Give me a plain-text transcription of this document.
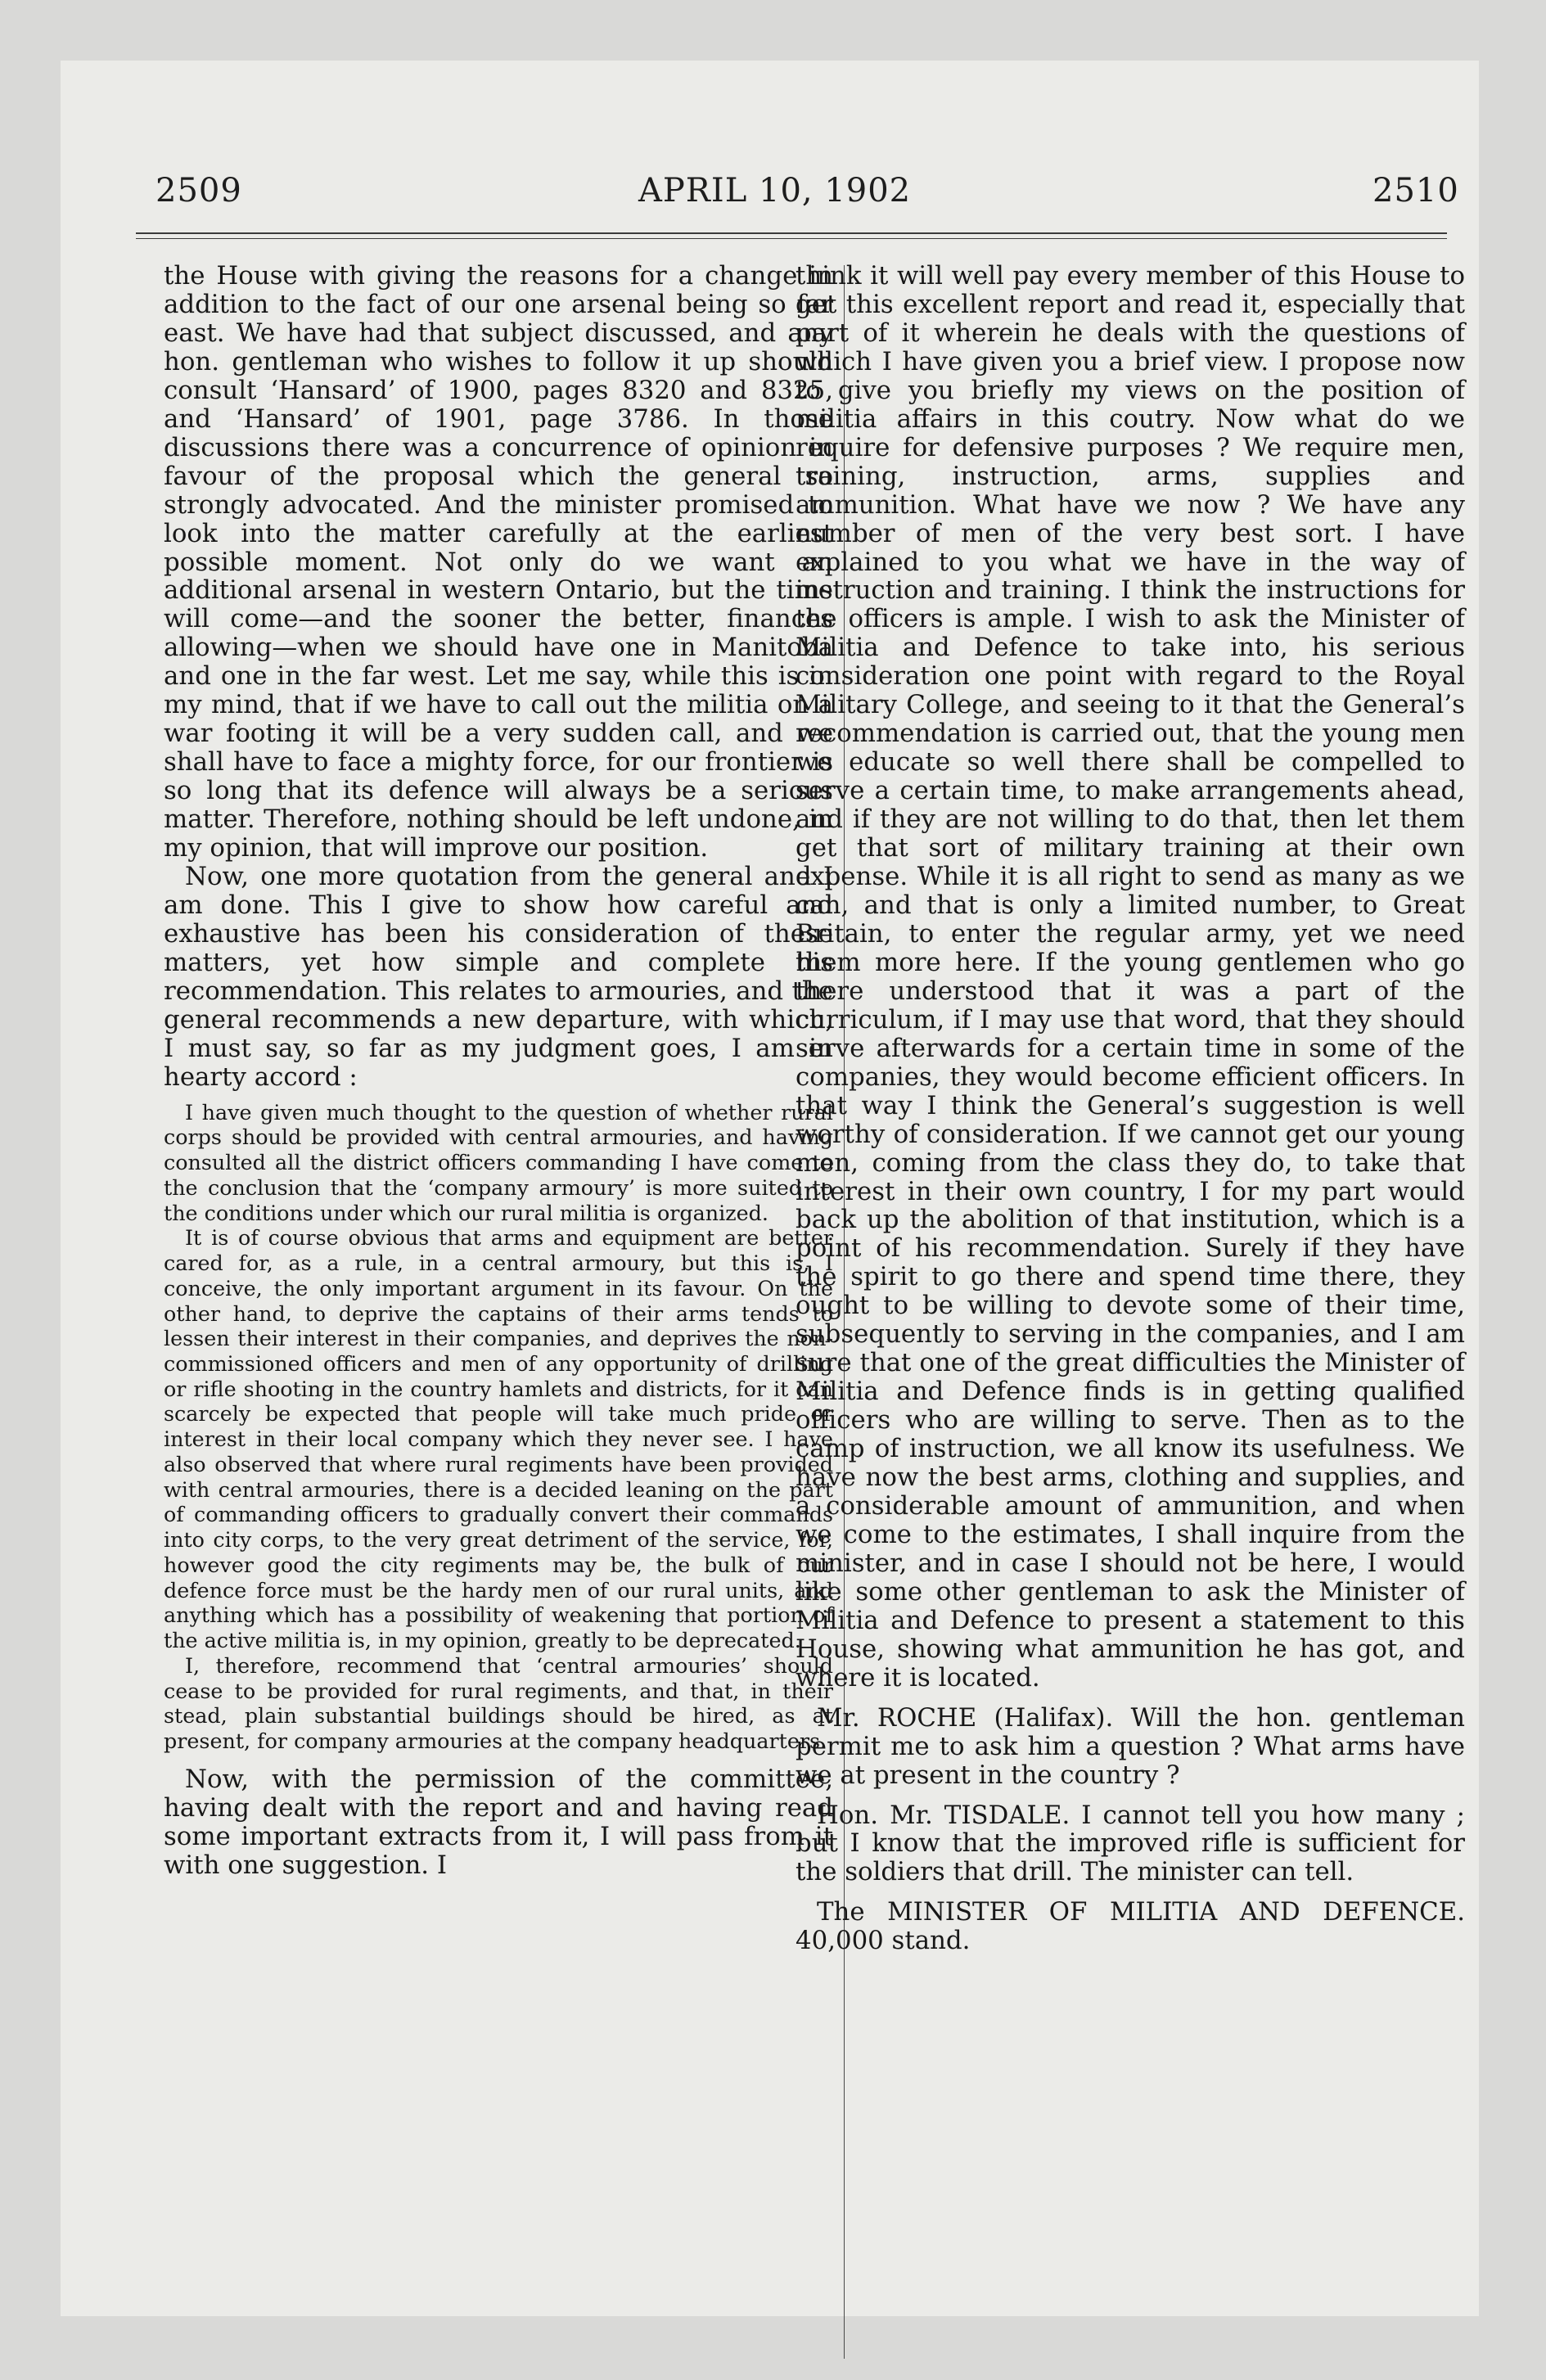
2509	APRIL 10, 1902	2510

the House with giving the reasons for a change in addition to the fact of our one arsenal being so far east. We have had that subject discussed, and any hon. gentleman who wishes to follow it up should consult ‘Hansard’ of 1900, pages 8320 and 8325, and ‘Hansard’ of 1901, page 3786. In those discussions there was a concurrence of opinion in favour of the proposal which the general so strongly advocated. And the minister promised to look into the matter carefully at the earliest possible moment. Not only do we want an additional arsenal in western Ontario, but the time will come—and the sooner the better, finances allowing—when we should have one in Manitoba and one in the far west. Let me say, while this is in my mind, that if we have to call out the militia on a war footing it will be a very sudden call, and we shall have to face a mighty force, for our frontier is so long that its defence will always be a serious matter. Therefore, nothing should be left undone, in my opinion, that will improve our position.

Now, one more quotation from the general and I am done. This I give to show how careful and exhaustive has been his consideration of these matters, yet how simple and complete his recommendation. This relates to armouries, and the general recommends a new departure, with which, I must say, so far as my judgment goes, I am in hearty accord :

I have given much thought to the question of whether rural corps should be provided with central armouries, and having consulted all the district officers commanding I have come to the conclusion that the ‘company armoury’ is more suited to the conditions under which our rural militia is organized.

It is of course obvious that arms and equipment are better cared for, as a rule, in a central armoury, but this is, I conceive, the only important argument in its favour. On the other hand, to deprive the captains of their arms tends to lessen their interest in their companies, and deprives the non-commissioned officers and men of any opportunity of drilling or rifle shooting in the country hamlets and districts, for it can scarcely be expected that people will take much pride or interest in their local company which they never see. I have also observed that where rural regiments have been provided with central armouries, there is a decided leaning on the part of commanding officers to gradually convert their commands into city corps, to the very great detriment of the service, for, however good the city regiments may be, the bulk of our defence force must be the hardy men of our rural units, and anything which has a possibility of weakening that portion of the active militia is, in my opinion, greatly to be deprecated.

I, therefore, recommend that ‘central armouries’ should cease to be provided for rural regiments, and that, in their stead, plain substantial buildings should be hired, as at present, for company armouries at the company headquarters.

Now, with the permission of the committee, having dealt with the report and and having read some important extracts from it, I will pass from it with one suggestion. I

think it will well pay every member of this House to get this excellent report and read it, especially that part of it wherein he deals with the questions of which I have given you a brief view. I propose now to give you briefly my views on the position of militia affairs in this coutry. Now what do we require for defensive purposes ? We require men, training, instruction, arms, supplies and ammunition. What have we now ? We have any number of men of the very best sort. I have explained to you what we have in the way of instruction and training. I think the instructions for the officers is ample. I wish to ask the Minister of Militia and Defence to take into, his serious consideration one point with regard to the Royal Military College, and seeing to it that the General’s recommendation is carried out, that the young men we educate so well there shall be compelled to serve a certain time, to make arrangements ahead, and if they are not willing to do that, then let them get that sort of military training at their own expense. While it is all right to send as many as we can, and that is only a limited number, to Great Britain, to enter the regular army, yet we need them more here. If the young gentlemen who go there understood that it was a part of the curriculum, if I may use that word, that they should serve afterwards for a certain time in some of the companies, they would become efficient officers. In that way I think the General’s suggestion is well worthy of consideration. If we cannot get our young men, coming from the class they do, to take that interest in their own country, I for my part would back up the abolition of that institution, which is a point of his recommendation. Surely if they have the spirit to go there and spend time there, they ought to be willing to devote some of their time, subsequently to serving in the companies, and I am sure that one of the great difficulties the Minister of Militia and Defence finds is in getting qualified officers who are willing to serve. Then as to the camp of instruction, we all know its usefulness. We have now the best arms, clothing and supplies, and a considerable amount of ammunition, and when we come to the estimates, I shall inquire from the minister, and in case I should not be here, I would like some other gentleman to ask the Minister of Militia and Defence to present a statement to this House, showing what ammunition he has got, and where it is located.

Mr. ROCHE (Halifax). Will the hon. gentleman permit me to ask him a question ? What arms have we at present in the country ?

Hon. Mr. TISDALE. I cannot tell you how many ; but I know that the improved rifle is sufficient for the soldiers that drill. The minister can tell.

The MINISTER OF MILITIA AND DEFENCE. 40,000 stand.
